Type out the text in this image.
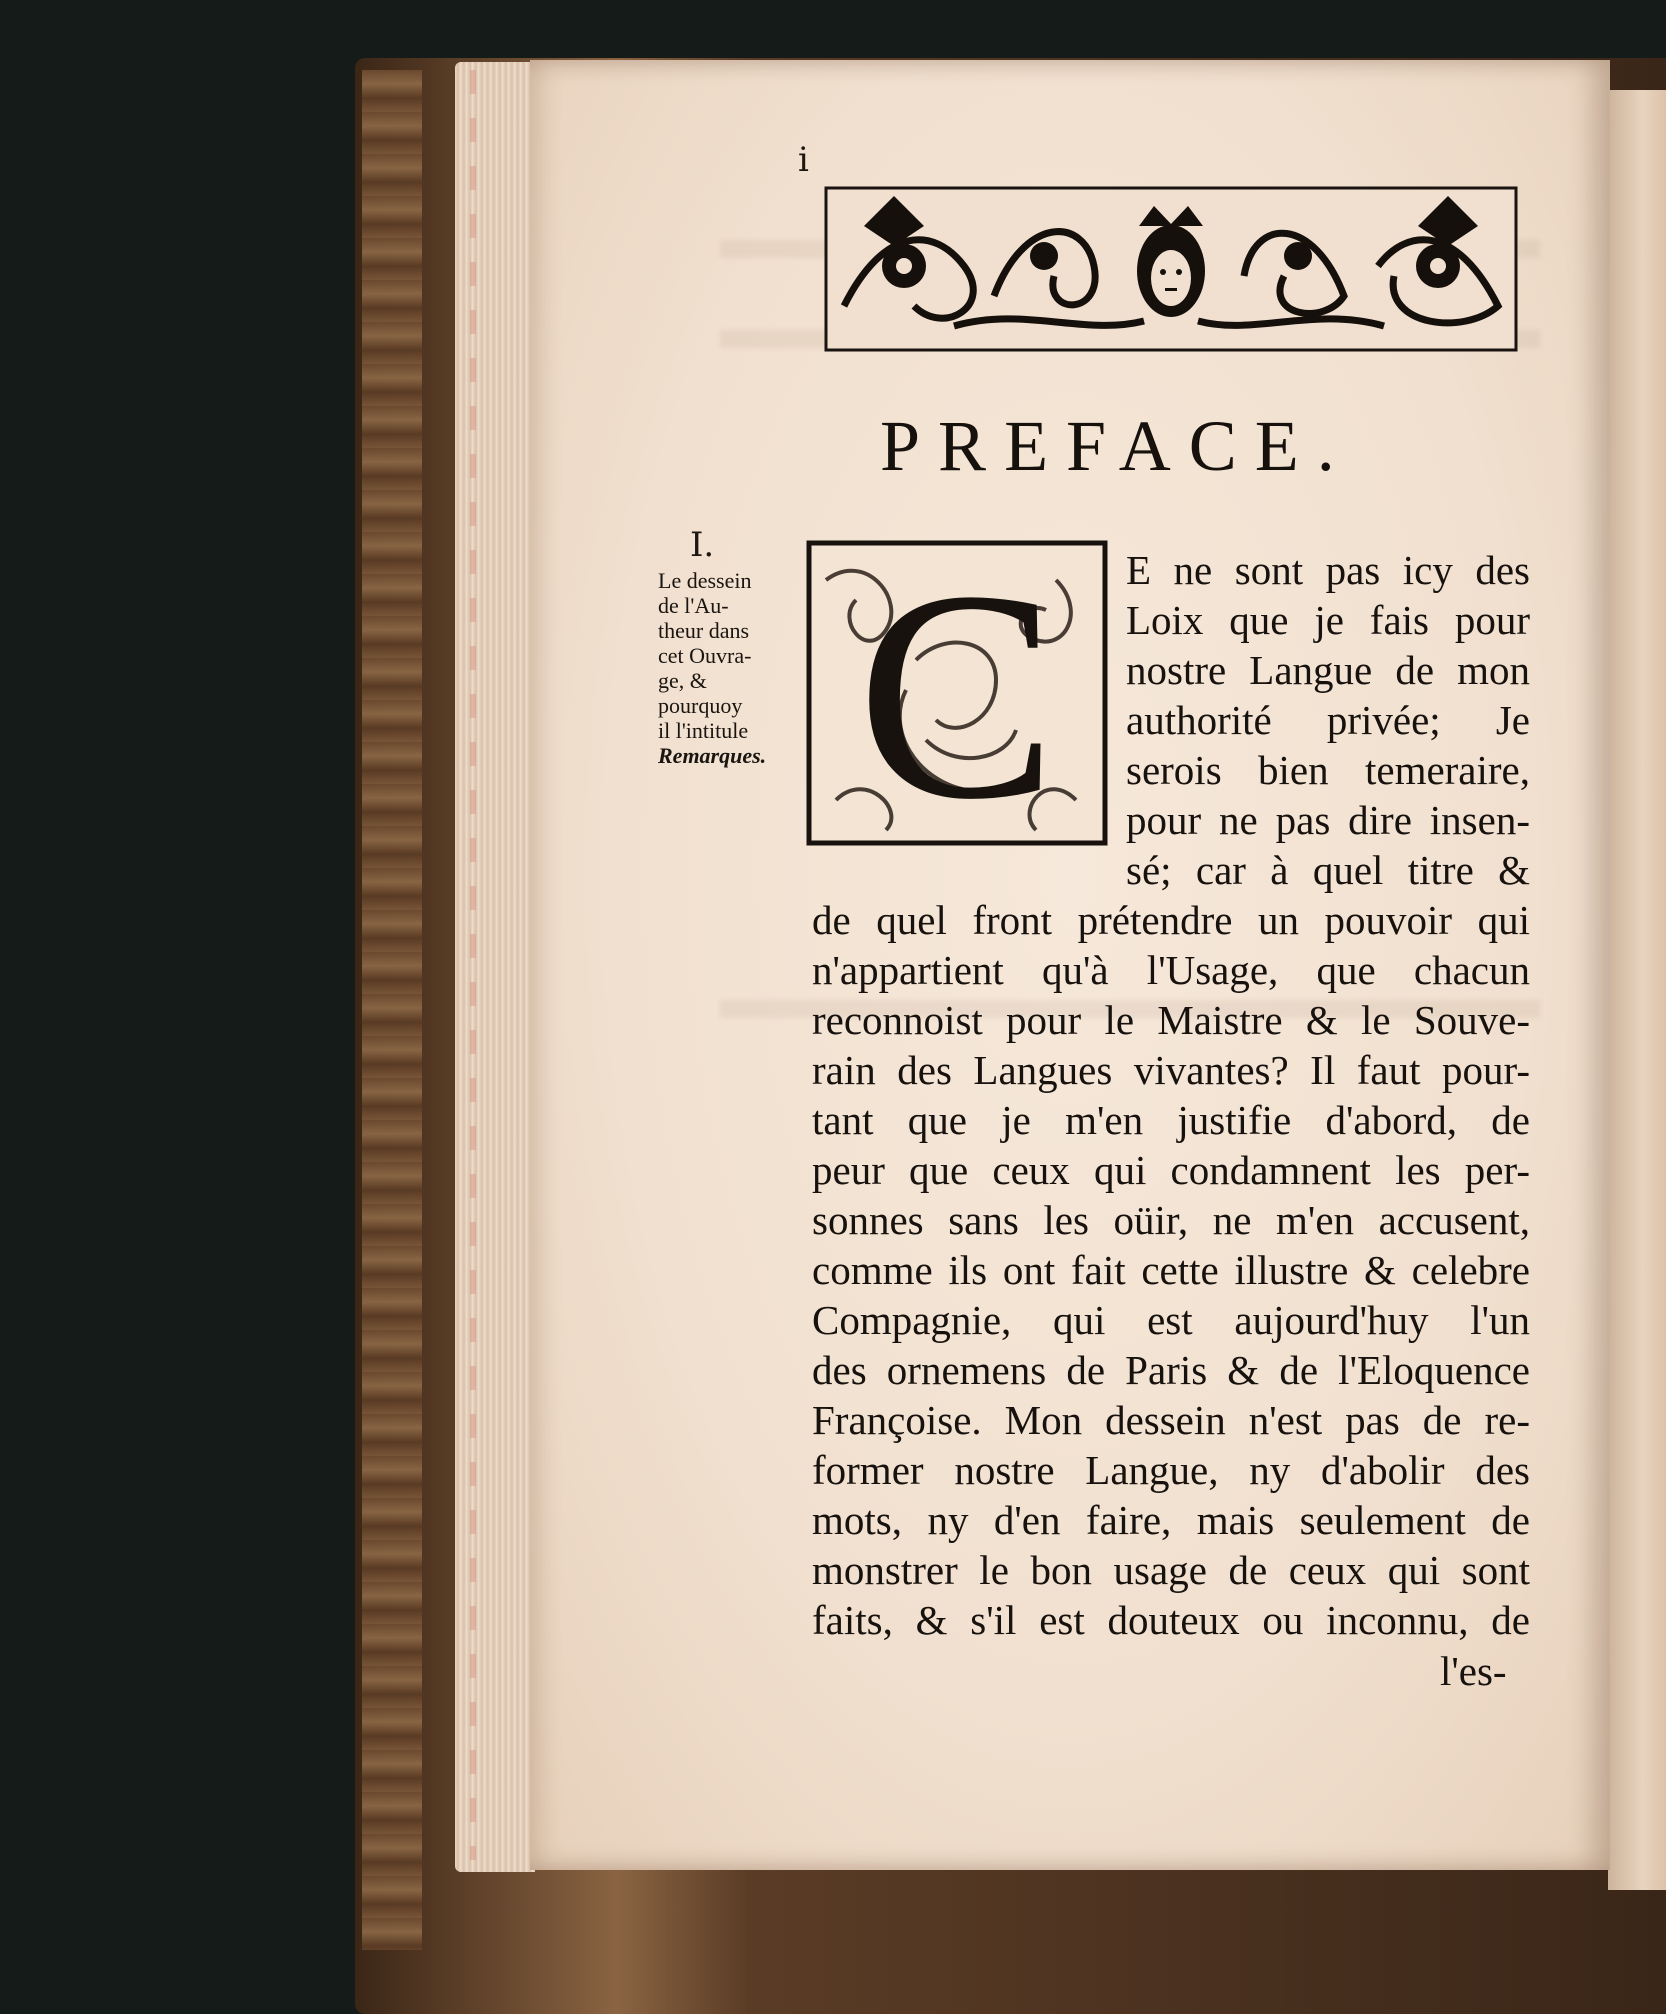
i
PREFACE.
I.
Le dessein
de l'Au-
theur dans
cet Ouvra-
ge, &
pourquoy
il l'intitule
Remarques. C	E ne sont pas icy des
Loix que je fais pour
nostre Langue de mon
authorité privée; Je
serois bien temeraire,
pour ne pas dire insen-
sé; car à quel titre &
de quel front prétendre un pouvoir qui
n'appartient qu'à l'Usage, que chacun
reconnoist pour le Maistre & le Souve-
rain des Langues vivantes? Il faut pour-
tant que je m'en justifie d'abord, de
peur que ceux qui condamnent les per-
sonnes sans les oüir, ne m'en accusent,
comme ils ont fait cette illustre & celebre
Compagnie, qui est aujourd'huy l'un
des ornemens de Paris & de l'Eloquence
Françoise. Mon dessein n'est pas de re-
former nostre Langue, ny d'abolir des
mots, ny d'en faire, mais seulement de
monstrer le bon usage de ceux qui sont
faits, & s'il est douteux ou inconnu, de
l'es-
